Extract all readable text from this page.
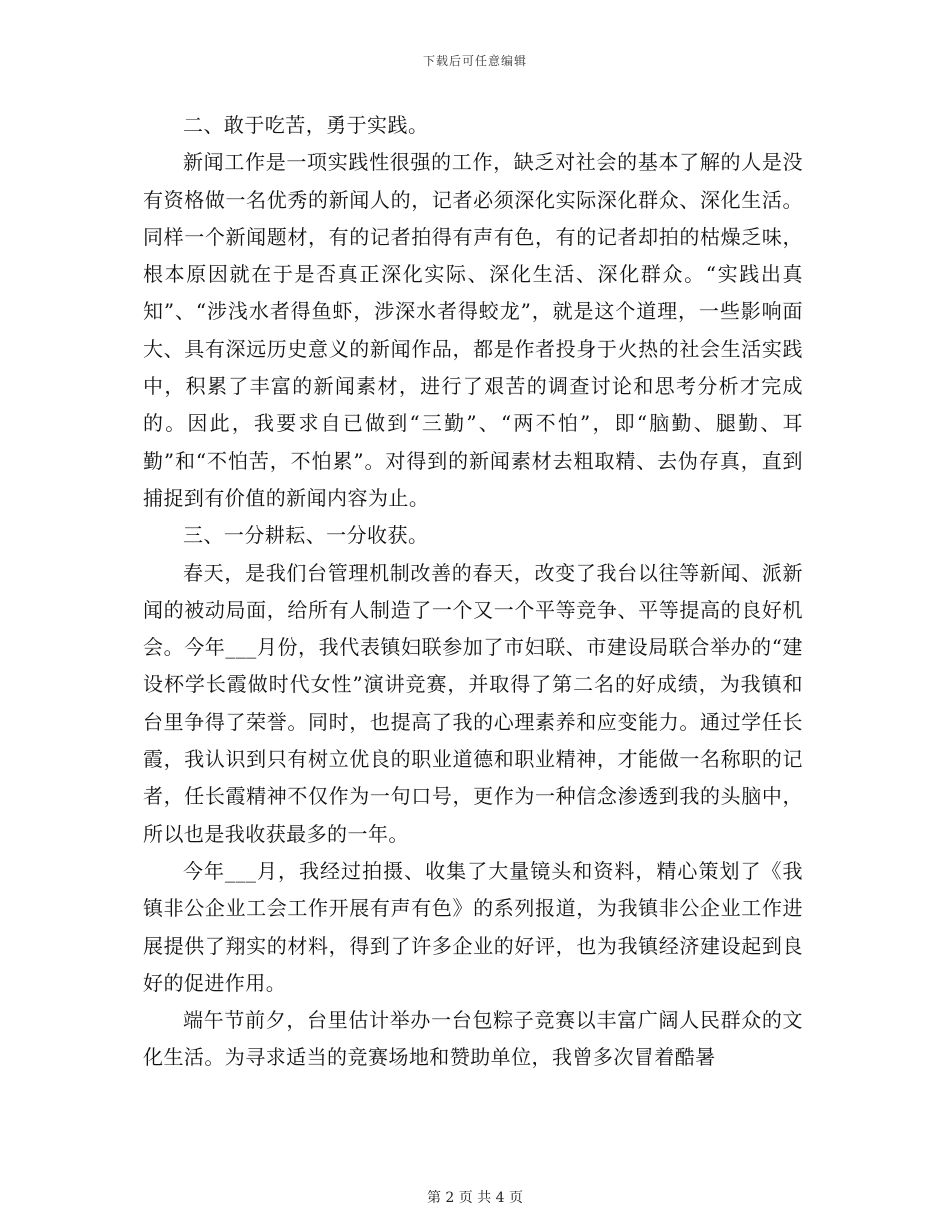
下载后可任意编辑

二、敢于吃苦，勇于实践。

新闻工作是一项实践性很强的工作，缺乏对社会的基本了解的人是没有资格做一名优秀的新闻人的，记者必须深化实际深化群众、深化生活。同样一个新闻题材，有的记者拍得有声有色，有的记者却拍的枯燥乏味，根本原因就在于是否真正深化实际、深化生活、深化群众。“实践出真知”、“涉浅水者得鱼虾，涉深水者得蛟龙”，就是这个道理，一些影响面大、具有深远历史意义的新闻作品，都是作者投身于火热的社会生活实践中，积累了丰富的新闻素材，进行了艰苦的调查讨论和思考分析才完成的。因此，我要求自已做到“三勤”、“两不怕”，即“脑勤、腿勤、耳勤”和“不怕苦，不怕累”。对得到的新闻素材去粗取精、去伪存真，直到捕捉到有价值的新闻内容为止。

三、一分耕耘、一分收获。

春天，是我们台管理机制改善的春天，改变了我台以往等新闻、派新闻的被动局面，给所有人制造了一个又一个平等竞争、平等提高的良好机会。今年___月份，我代表镇妇联参加了市妇联、市建设局联合举办的“建设杯学长霞做时代女性”演讲竞赛，并取得了第二名的好成绩，为我镇和台里争得了荣誉。同时，也提高了我的心理素养和应变能力。通过学任长霞，我认识到只有树立优良的职业道德和职业精神，才能做一名称职的记者，任长霞精神不仅作为一句口号，更作为一种信念渗透到我的头脑中，所以也是我收获最多的一年。

今年___月，我经过拍摄、收集了大量镜头和资料，精心策划了《我镇非公企业工会工作开展有声有色》的系列报道，为我镇非公企业工作进展提供了翔实的材料，得到了许多企业的好评，也为我镇经济建设起到良好的促进作用。

端午节前夕，台里估计举办一台包粽子竞赛以丰富广阔人民群众的文化生活。为寻求适当的竞赛场地和赞助单位，我曾多次冒着酷暑

第 2 页 共 4 页
